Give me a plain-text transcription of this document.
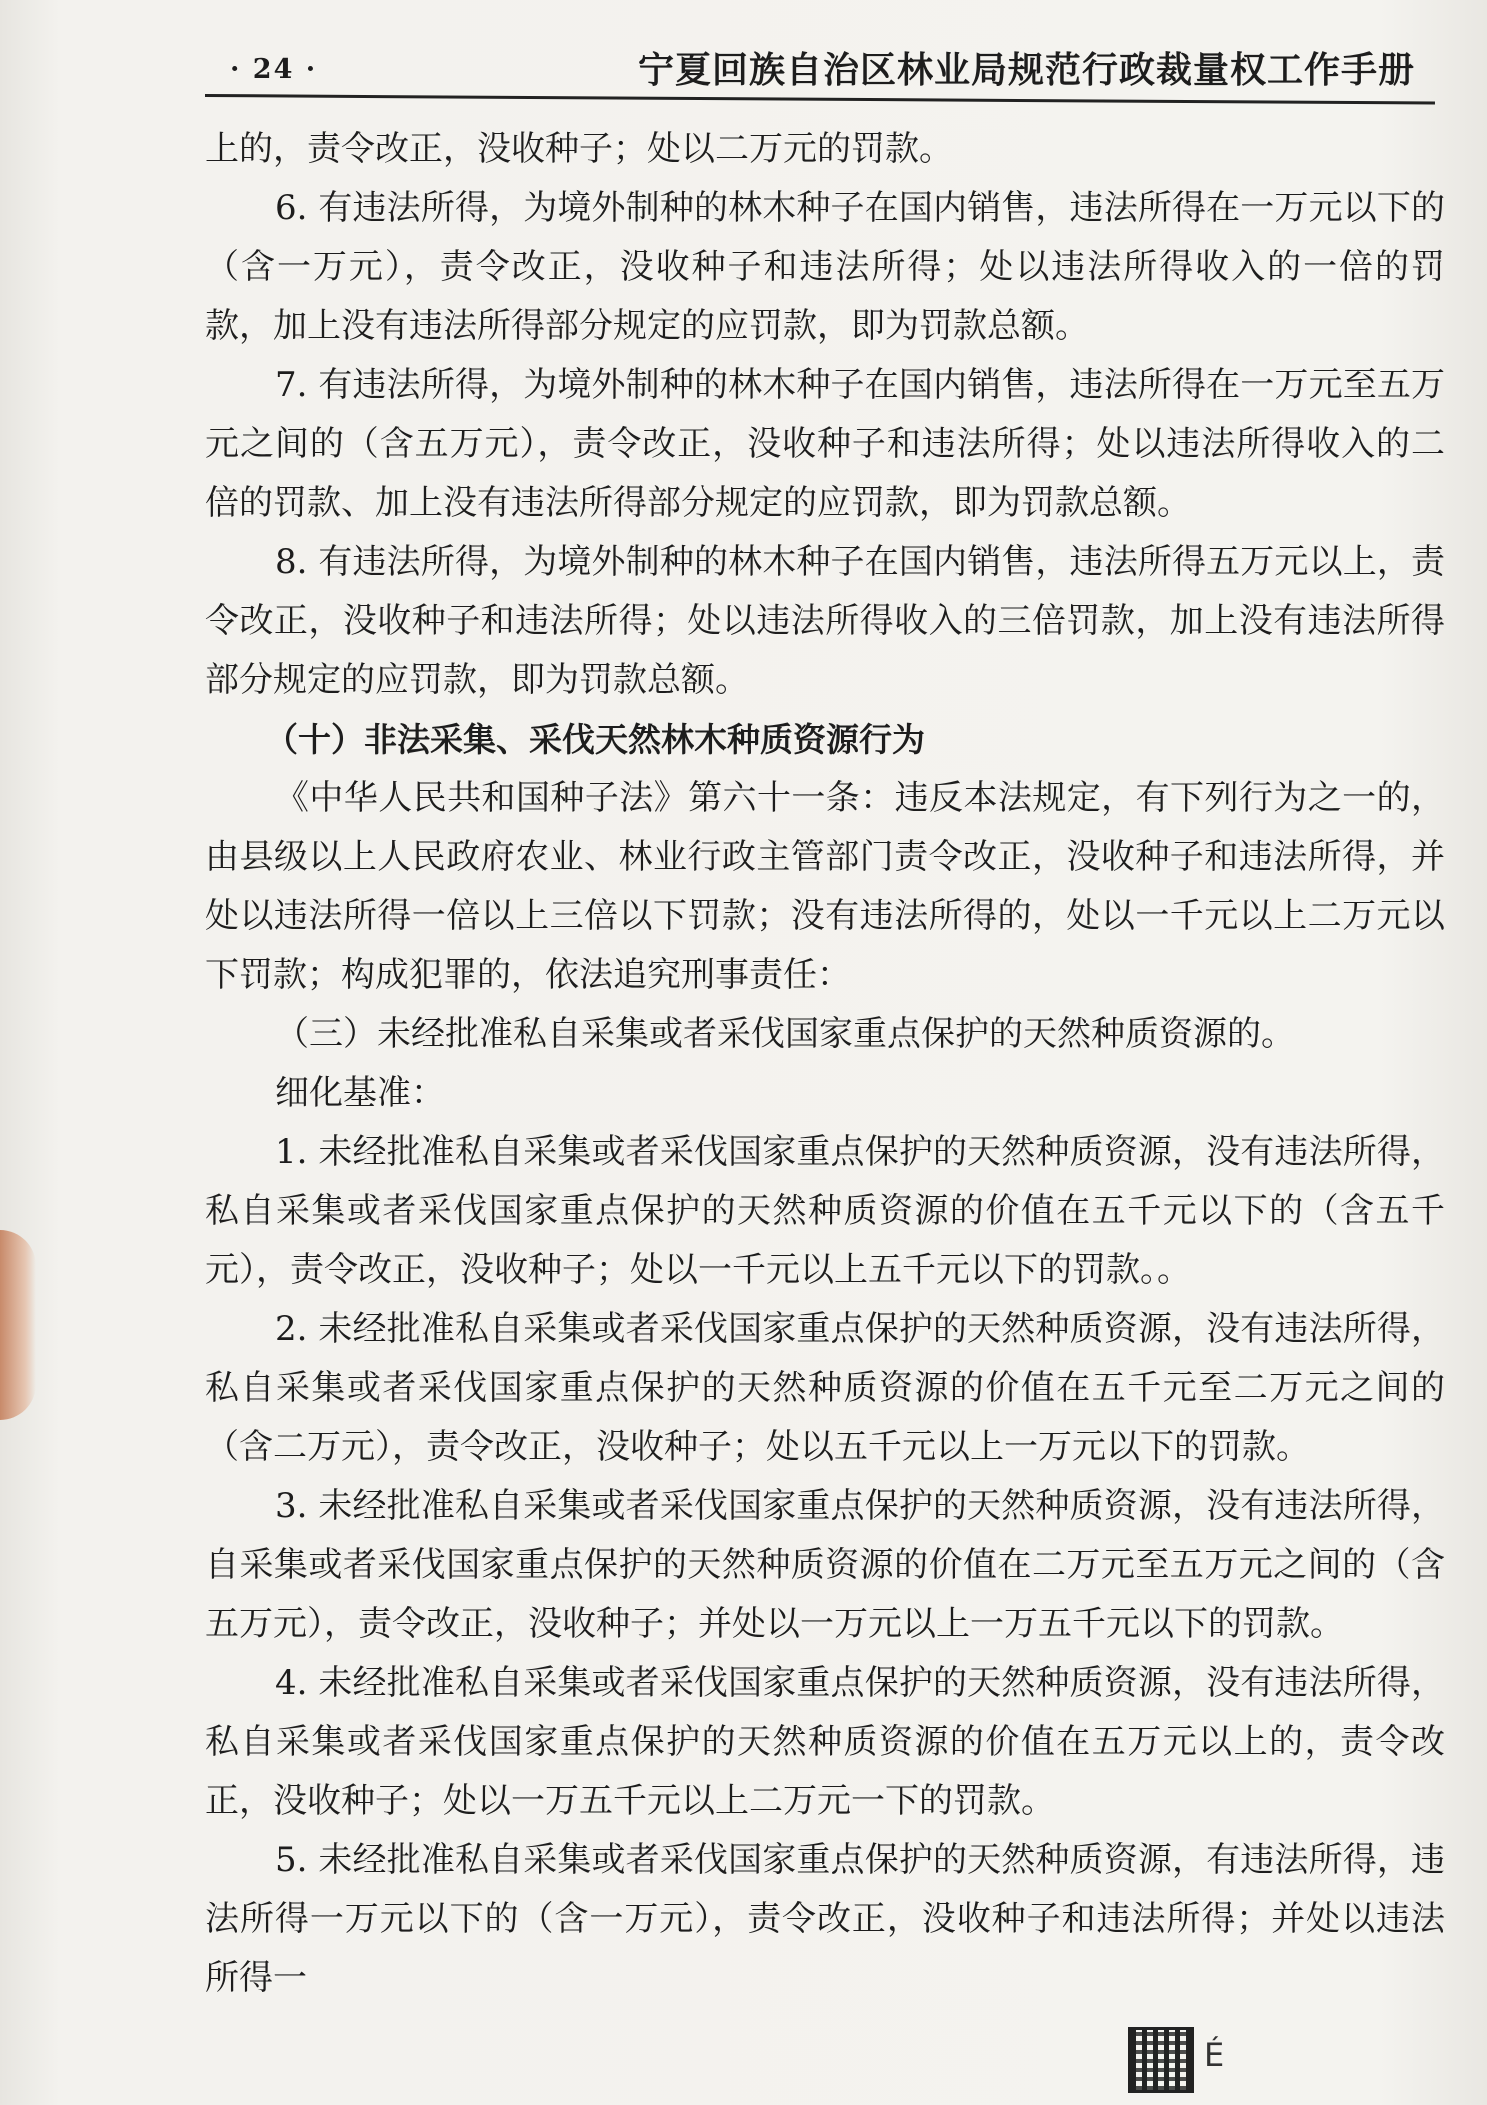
· 24 ·	宁夏回族自治区林业局规范行政裁量权工作手册

上的，责令改正，没收种子；处以二万元的罚款。

6. 有违法所得，为境外制种的林木种子在国内销售，违法所得在一万元以下的（含一万元），责令改正，没收种子和违法所得；处以违法所得收入的一倍的罚款，加上没有违法所得部分规定的应罚款，即为罚款总额。

7. 有违法所得，为境外制种的林木种子在国内销售，违法所得在一万元至五万元之间的（含五万元），责令改正，没收种子和违法所得；处以违法所得收入的二倍的罚款、加上没有违法所得部分规定的应罚款，即为罚款总额。

8. 有违法所得，为境外制种的林木种子在国内销售，违法所得五万元以上，责令改正，没收种子和违法所得；处以违法所得收入的三倍罚款，加上没有违法所得部分规定的应罚款，即为罚款总额。

（十）非法采集、采伐天然林木种质资源行为

《中华人民共和国种子法》第六十一条：违反本法规定，有下列行为之一的，由县级以上人民政府农业、林业行政主管部门责令改正，没收种子和违法所得，并处以违法所得一倍以上三倍以下罚款；没有违法所得的，处以一千元以上二万元以下罚款；构成犯罪的，依法追究刑事责任：

（三）未经批准私自采集或者采伐国家重点保护的天然种质资源的。

细化基准：

1. 未经批准私自采集或者采伐国家重点保护的天然种质资源，没有违法所得，私自采集或者采伐国家重点保护的天然种质资源的价值在五千元以下的（含五千元），责令改正，没收种子；处以一千元以上五千元以下的罚款。。

2. 未经批准私自采集或者采伐国家重点保护的天然种质资源，没有违法所得，私自采集或者采伐国家重点保护的天然种质资源的价值在五千元至二万元之间的（含二万元），责令改正，没收种子；处以五千元以上一万元以下的罚款。

3. 未经批准私自采集或者采伐国家重点保护的天然种质资源，没有违法所得，自采集或者采伐国家重点保护的天然种质资源的价值在二万元至五万元之间的（含五万元），责令改正，没收种子；并处以一万元以上一万五千元以下的罚款。

4. 未经批准私自采集或者采伐国家重点保护的天然种质资源，没有违法所得，私自采集或者采伐国家重点保护的天然种质资源的价值在五万元以上的，责令改正，没收种子；处以一万五千元以上二万元一下的罚款。

5. 未经批准私自采集或者采伐国家重点保护的天然种质资源，有违法所得，违法所得一万元以下的（含一万元），责令改正，没收种子和违法所得；并处以违法所得一

É
